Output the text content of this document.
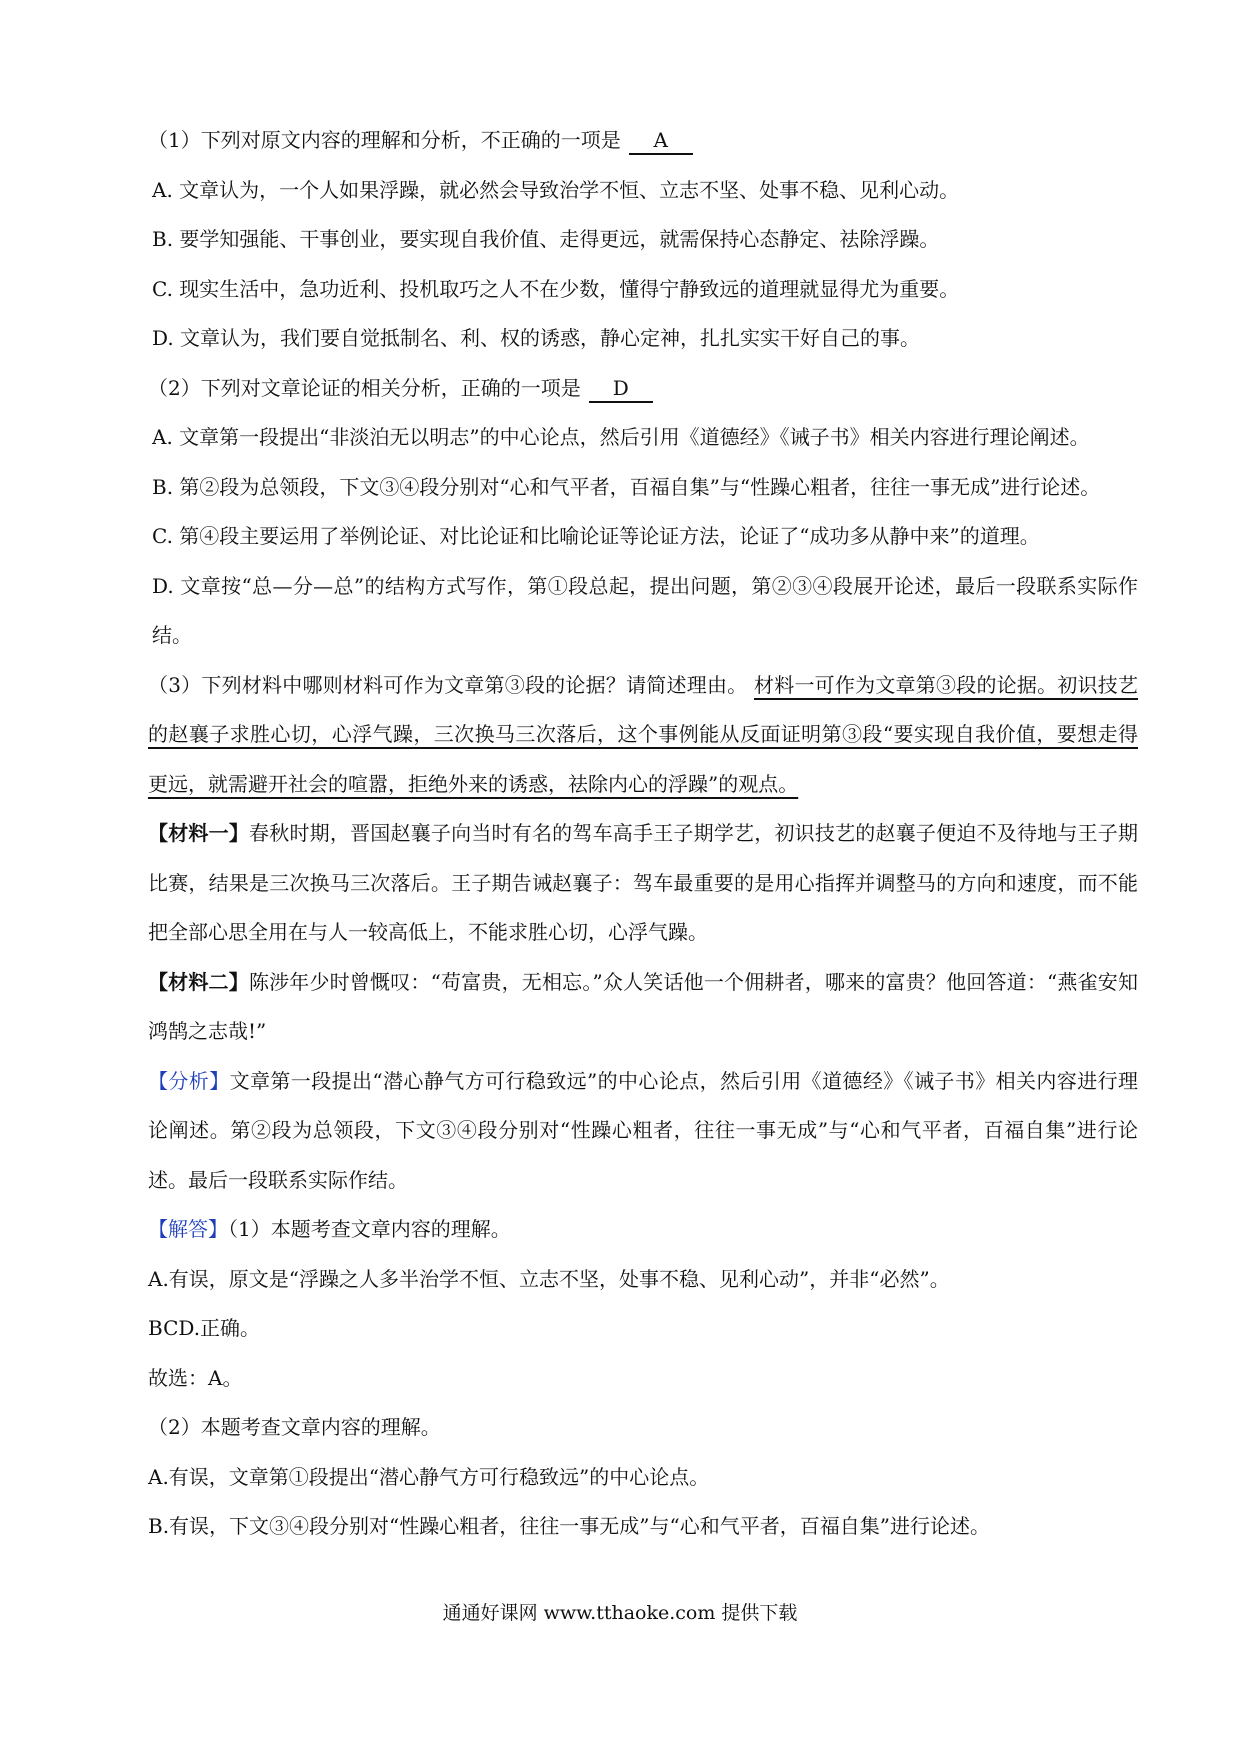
（1）下列对原文内容的理解和分析，不正确的一项是 A
A. 文章认为，一个人如果浮躁，就必然会导致治学不恒、立志不坚、处事不稳、见利心动。
B. 要学知强能、干事创业，要实现自我价值、走得更远，就需保持心态静定、祛除浮躁。
C. 现实生活中，急功近利、投机取巧之人不在少数，懂得宁静致远的道理就显得尤为重要。
D. 文章认为，我们要自觉抵制名、利、权的诱惑，静心定神，扎扎实实干好自己的事。
（2）下列对文章论证的相关分析，正确的一项是 D
A. 文章第一段提出“非淡泊无以明志”的中心论点，然后引用《道德经》《诫子书》相关内容进行理论阐述。
B. 第②段为总领段，下文③④段分别对“心和气平者，百福自集”与“性躁心粗者，往往一事无成”进行论述。
C. 第④段主要运用了举例论证、对比论证和比喻论证等论证方法，论证了“成功多从静中来”的道理。
D. 文章按“总—分—总”的结构方式写作，第①段总起，提出问题，第②③④段展开论述，最后一段联系实际作结。
（3）下列材料中哪则材料可作为文章第③段的论据？请简述理由。 材料一可作为文章第③段的论据。初识技艺的赵襄子求胜心切，心浮气躁，三次换马三次落后，这个事例能从反面证明第③段“要实现自我价值，要想走得更远，就需避开社会的喧嚣，拒绝外来的诱惑，祛除内心的浮躁”的观点。
【材料一】春秋时期，晋国赵襄子向当时有名的驾车高手王子期学艺，初识技艺的赵襄子便迫不及待地与王子期比赛，结果是三次换马三次落后。王子期告诫赵襄子：驾车最重要的是用心指挥并调整马的方向和速度，而不能把全部心思全用在与人一较高低上，不能求胜心切，心浮气躁。
【材料二】陈涉年少时曾慨叹：“苟富贵，无相忘。”众人笑话他一个佣耕者，哪来的富贵？他回答道：“燕雀安知鸿鹄之志哉!”
【分析】文章第一段提出“潜心静气方可行稳致远”的中心论点，然后引用《道德经》《诫子书》相关内容进行理论阐述。第②段为总领段，下文③④段分别对“性躁心粗者，往往一事无成”与“心和气平者，百福自集”进行论述。最后一段联系实际作结。
【解答】（1）本题考查文章内容的理解。
A.有误，原文是“浮躁之人多半治学不恒、立志不坚，处事不稳、见利心动”，并非“必然”。
BCD.正确。
故选：A。
（2）本题考查文章内容的理解。
A.有误，文章第①段提出“潜心静气方可行稳致远”的中心论点。
B.有误，下文③④段分别对“性躁心粗者，往往一事无成”与“心和气平者，百福自集”进行论述。
通通好课网 www.tthaoke.com 提供下载
